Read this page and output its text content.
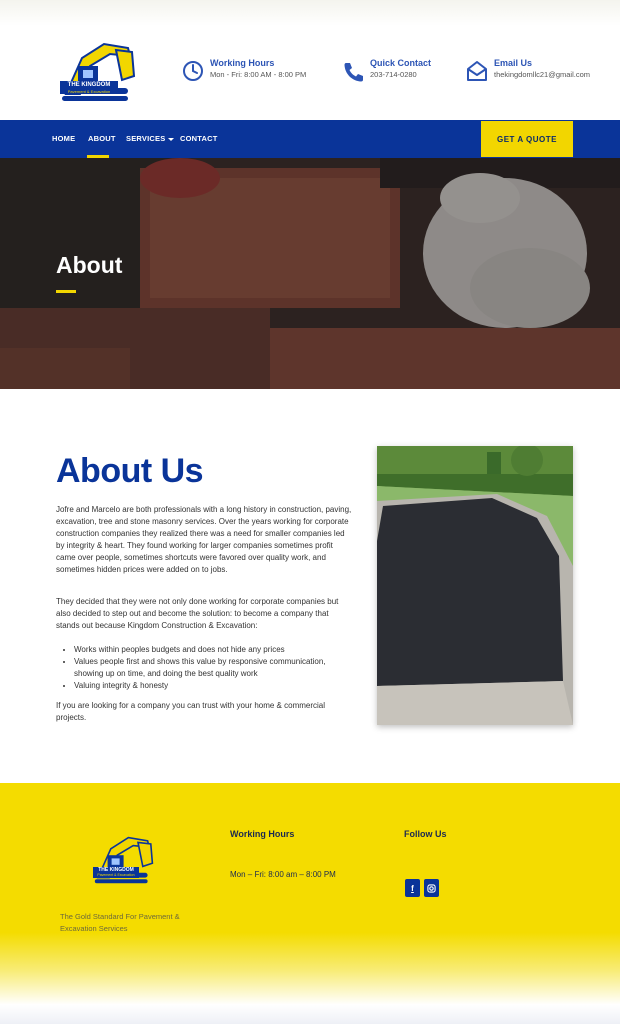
THE KINGDOM
Pavement & Excavation
Working Hours
Mon - Fri: 8:00 AM - 8:00 PM
Quick Contact
203-714-0280
Email Us
thekingdomllc21@gmail.com
HOME ABOUT SERVICES	CONTACT	GET A QUOTE
About
About Us

Jofre and Marcelo are both professionals with a long history in construction, paving, excavation, tree and stone masonry services. Over the years working for corporate construction companies they realized there was a need for smaller companies led by integrity & heart. They found working for larger companies sometimes profit came over people, sometimes shortcuts were favored over quality work, and sometimes hidden prices were added on to jobs.

They decided that they were not only done working for corporate companies but also decided to step out and become the solution: to become a company that stands out because Kingdom Construction & Excavation:

• Works within peoples budgets and does not hide any prices
• Values people first and shows this value by responsive communication, showing up on time, and doing the best quality work
• Valuing integrity & honesty

If you are looking for a company you can trust with your home & commercial projects.

THE KINGDOM
Pavement & Excavation
The Gold Standard For Pavement & Excavation Services
Working Hours
Mon – Fri: 8:00 am – 8:00 PM
Follow Us
f
